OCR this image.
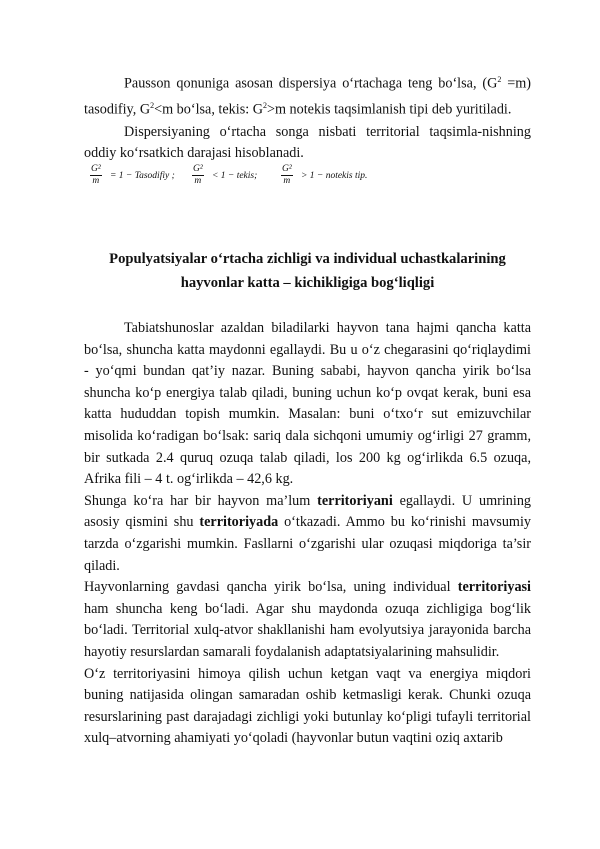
Pausson qonuniga asosan dispersiya o‘rtachaga teng bo‘lsa, $(G^2 =m)$ tasodifiy, $G^2<m$ bo‘lsa, tekis: $G^2>m$ notekis taqsimlanish tipi deb yuritiladi.

Dispersiyaning o‘rtacha songa nisbati territorial taqsimla-nishning oddiy ko‘rsatkich darajasi hisoblanadi.

$\frac{\text{G²}}{m} = 1$ − Tasodifiy ; $\frac{\text{G²}}{m} < 1$ − tekis; $\frac{\text{G²}}{m} > 1$ − notekis tip.
Populyatsiyalar o‘rtacha zichligi va individual uchastkalarining
hayvonlar katta – kichikligiga bog‘liqligi

Tabiatshunoslar azaldan biladilarki hayvon tana hajmi qancha katta bo‘lsa, shuncha katta maydonni egallaydi. Bu u o‘z chegarasini qo‘riqlaydimi - yo‘qmi bundan qat’iy nazar. Buning sababi, hayvon qancha yirik bo‘lsa shuncha ko‘p energiya talab qiladi, buning uchun ko‘p ovqat kerak, buni esa katta hududdan topish mumkin. Masalan: buni o‘txo‘r sut emizuvchilar misolida ko‘radigan bo‘lsak: sariq dala sichqoni umumiy og‘irligi 27 gramm, bir sutkada 2.4 quruq ozuqa talab qiladi, los 200 kg og‘irlikda 6.5 ozuqa, Afrika fili – 4 t. og‘irlikda – 42,6 kg.

Shunga ko‘ra har bir hayvon ma’lum territoriyani egallaydi. U umrining asosiy qismini shu territoriyada o‘tkazadi. Ammo bu ko‘rinishi mavsumiy tarzda o‘zgarishi mumkin. Fasllarni o‘zgarishi ular ozuqasi miqdoriga ta’sir qiladi.

Hayvonlarning gavdasi qancha yirik bo‘lsa, uning individual territoriyasi ham shuncha keng bo‘ladi. Agar shu maydonda ozuqa zichligiga bog‘lik bo‘ladi. Territorial xulq-atvor shakllanishi ham evolyutsiya jarayonida barcha hayotiy resurslardan samarali foydalanish adaptatsiyalarining mahsulidir.

O‘z territoriyasini himoya qilish uchun ketgan vaqt va energiya miqdori buning natijasida olingan samaradan oshib ketmasligi kerak. Chunki ozuqa resurslarining past darajadagi zichligi yoki butunlay ko‘pligi tufayli territorial xulq–atvorning ahamiyati yo‘qoladi (hayvonlar butun vaqtini oziq axtarib
